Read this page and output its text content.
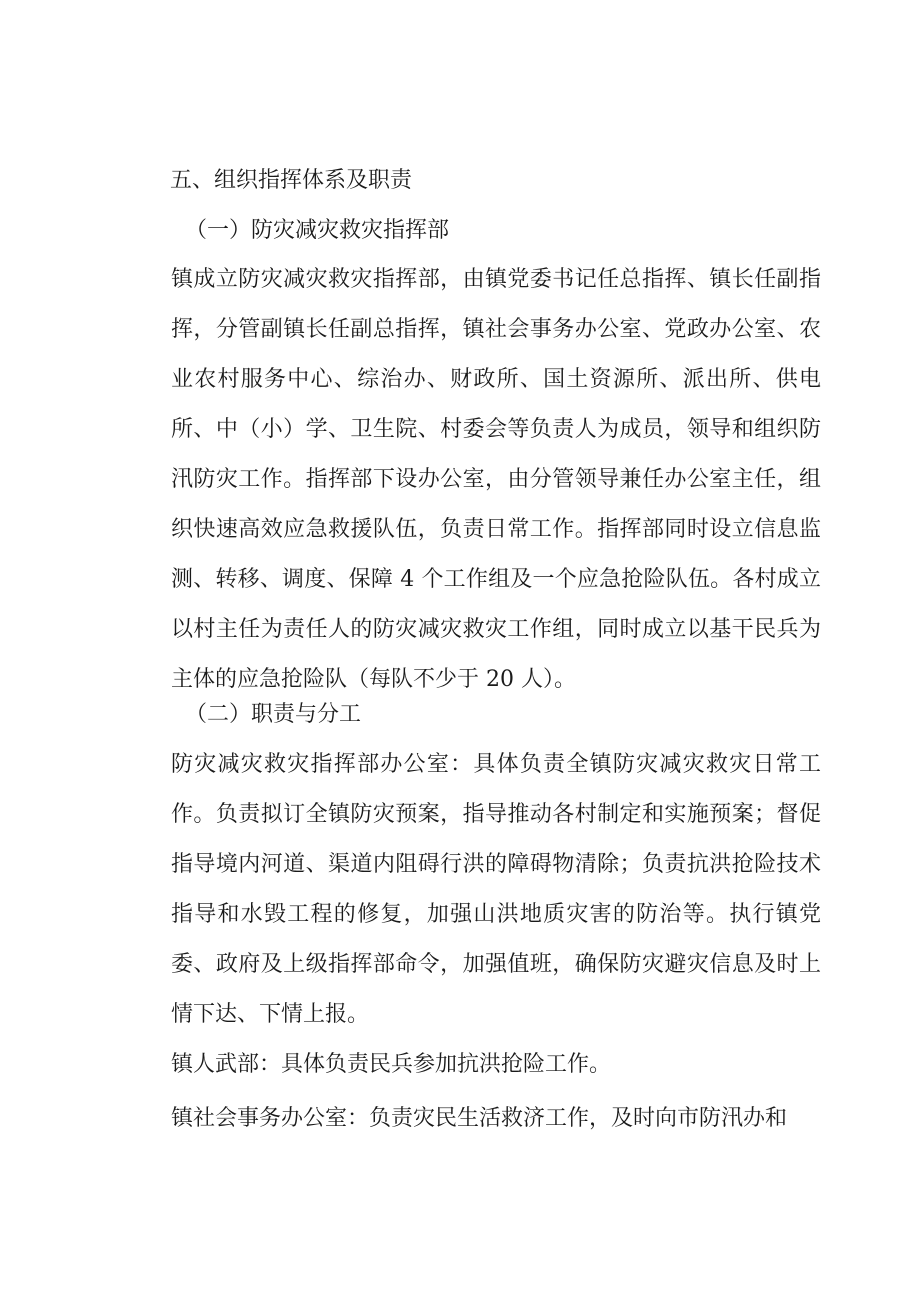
五、组织指挥体系及职责
（一）防灾减灾救灾指挥部
镇成立防灾减灾救灾指挥部，由镇党委书记任总指挥、镇长任副指挥，分管副镇长任副总指挥，镇社会事务办公室、党政办公室、农业农村服务中心、综治办、财政所、国土资源所、派出所、供电所、中（小）学、卫生院、村委会等负责人为成员，领导和组织防汛防灾工作。指挥部下设办公室，由分管领导兼任办公室主任，组织快速高效应急救援队伍，负责日常工作。指挥部同时设立信息监测、转移、调度、保障 4 个工作组及一个应急抢险队伍。各村成立以村主任为责任人的防灾减灾救灾工作组，同时成立以基干民兵为主体的应急抢险队（每队不少于 20 人）。
（二）职责与分工
防灾减灾救灾指挥部办公室：具体负责全镇防灾减灾救灾日常工作。负责拟订全镇防灾预案，指导推动各村制定和实施预案；督促指导境内河道、渠道内阻碍行洪的障碍物清除；负责抗洪抢险技术指导和水毁工程的修复，加强山洪地质灾害的防治等。执行镇党委、政府及上级指挥部命令，加强值班，确保防灾避灾信息及时上情下达、下情上报。
镇人武部：具体负责民兵参加抗洪抢险工作。
镇社会事务办公室：负责灾民生活救济工作，及时向市防汛办和
